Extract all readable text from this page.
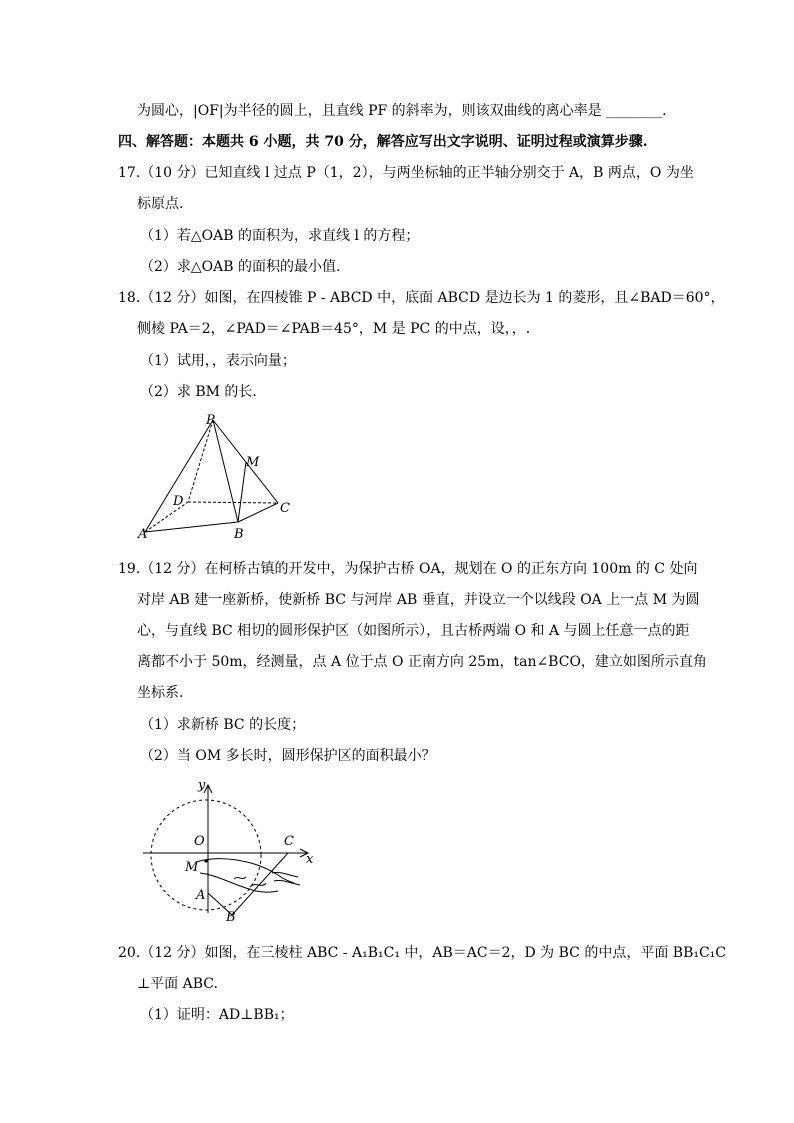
为圆心，|OF|为半径的圆上，且直线 PF 的斜率为，则该双曲线的离心率是 ________.
四、解答题：本题共 6 小题，共 70 分，解答应写出文字说明、证明过程或演算步骤.
17.（10 分）已知直线 l 过点 P（1，2），与两坐标轴的正半轴分别交于 A，B 两点，O 为坐
标原点.
（1）若△OAB 的面积为，求直线 l 的方程；
（2）求△OAB 的面积的最小值.
18.（12 分）如图，在四棱锥 P - ABCD 中，底面 ABCD 是边长为 1 的菱形，且∠BAD＝60°，
侧棱 PA＝2，∠PAD＝∠PAB＝45°，M 是 PC 的中点，设，，.
（1）试用，，表示向量；
（2）求 BM 的长.
19.（12 分）在柯桥古镇的开发中，为保护古桥 OA，规划在 O 的正东方向 100m 的 C 处向
对岸 AB 建一座新桥，使新桥 BC 与河岸 AB 垂直，并设立一个以线段 OA 上一点 M 为圆
心，与直线 BC 相切的圆形保护区（如图所示），且古桥两端 O 和 A 与圆上任意一点的距
离都不小于 50m，经测量，点 A 位于点 O 正南方向 25m，tan∠BCO，建立如图所示直角
坐标系.
（1）求新桥 BC 的长度；
（2）当 OM 多长时，圆形保护区的面积最小？
20.（12 分）如图，在三棱柱 ABC - A₁B₁C₁ 中，AB＝AC＝2，D 为 BC 的中点，平面 BB₁C₁C
⊥平面 ABC.
（1）证明：AD⊥BB₁；
P
M
D	C
A	B
y
O	C
x
M
A
B
